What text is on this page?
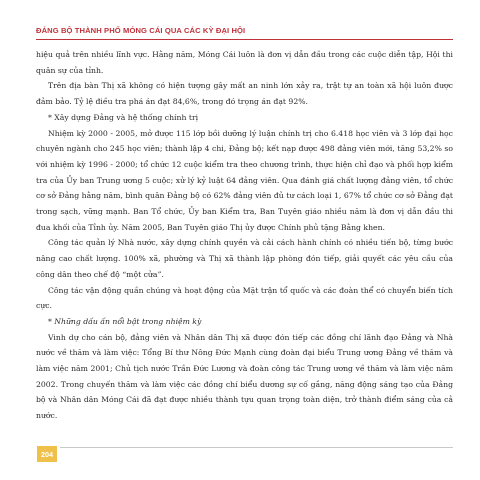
ĐẢNG BỘ THÀNH PHỐ MÓNG CÁI QUA CÁC KỲ ĐẠI HỘI

hiệu quả trên nhiều lĩnh vực. Hằng năm, Móng Cái luôn là đơn vị dẫn đầu trong các cuộc diễn tập, Hội thi quân sự của tỉnh.

Trên địa bàn Thị xã không có hiện tượng gây mất an ninh lớn xảy ra, trật tự an toàn xã hội luôn được đảm bảo. Tỷ lệ điều tra phá án đạt 84,6%, trong đó trọng án đạt 92%.

* Xây dựng Đảng và hệ thống chính trị

Nhiệm kỳ 2000 - 2005, mở được 115 lớp bồi dưỡng lý luận chính trị cho 6.418 học viên và 3 lớp đại học chuyên ngành cho 245 học viên; thành lập 4 chi, Đảng bộ; kết nạp được 498 đảng viên mới, tăng 53,2% so với nhiệm kỳ 1996 - 2000; tổ chức 12 cuộc kiểm tra theo chương trình, thực hiện chỉ đạo và phối hợp kiểm tra của Ủy ban Trung ương 5 cuộc; xử lý kỷ luật 64 đảng viên. Qua đánh giá chất lượng đảng viên, tổ chức cơ sở Đảng hằng năm, bình quân Đảng bộ có 62% đảng viên đủ tư cách loại 1, 67% tổ chức cơ sở Đảng đạt trong sạch, vững mạnh. Ban Tổ chức, Ủy ban Kiểm tra, Ban Tuyên giáo nhiều năm là đơn vị dẫn đầu thi đua khối của Tỉnh ủy. Năm 2005, Ban Tuyên giáo Thị ủy được Chính phủ tặng Bằng khen.

Công tác quản lý Nhà nước, xây dựng chính quyền và cải cách hành chính có nhiều tiến bộ, từng bước nâng cao chất lượng. 100% xã, phường và Thị xã thành lập phòng đón tiếp, giải quyết các yêu cầu của công dân theo chế độ “một cửa”.

Công tác vận động quần chúng và hoạt động của Mặt trận tổ quốc và các đoàn thể có chuyển biến tích cực.

* Những dấu ấn nổi bật trong nhiệm kỳ

Vinh dự cho cán bộ, đảng viên và Nhân dân Thị xã được đón tiếp các đồng chí lãnh đạo Đảng và Nhà nước về thăm và làm việc: Tổng Bí thư Nông Đức Mạnh cùng đoàn đại biểu Trung ương Đảng về thăm và làm việc năm 2001; Chủ tịch nước Trần Đức Lương và đoàn công tác Trung ương về thăm và làm việc năm 2002. Trong chuyến thăm và làm việc các đồng chí biểu dương sự cố gắng, năng động sáng tạo của Đảng bộ và Nhân dân Móng Cái đã đạt được nhiều thành tựu quan trọng toàn diện, trở thành điểm sáng của cả nước.

204
